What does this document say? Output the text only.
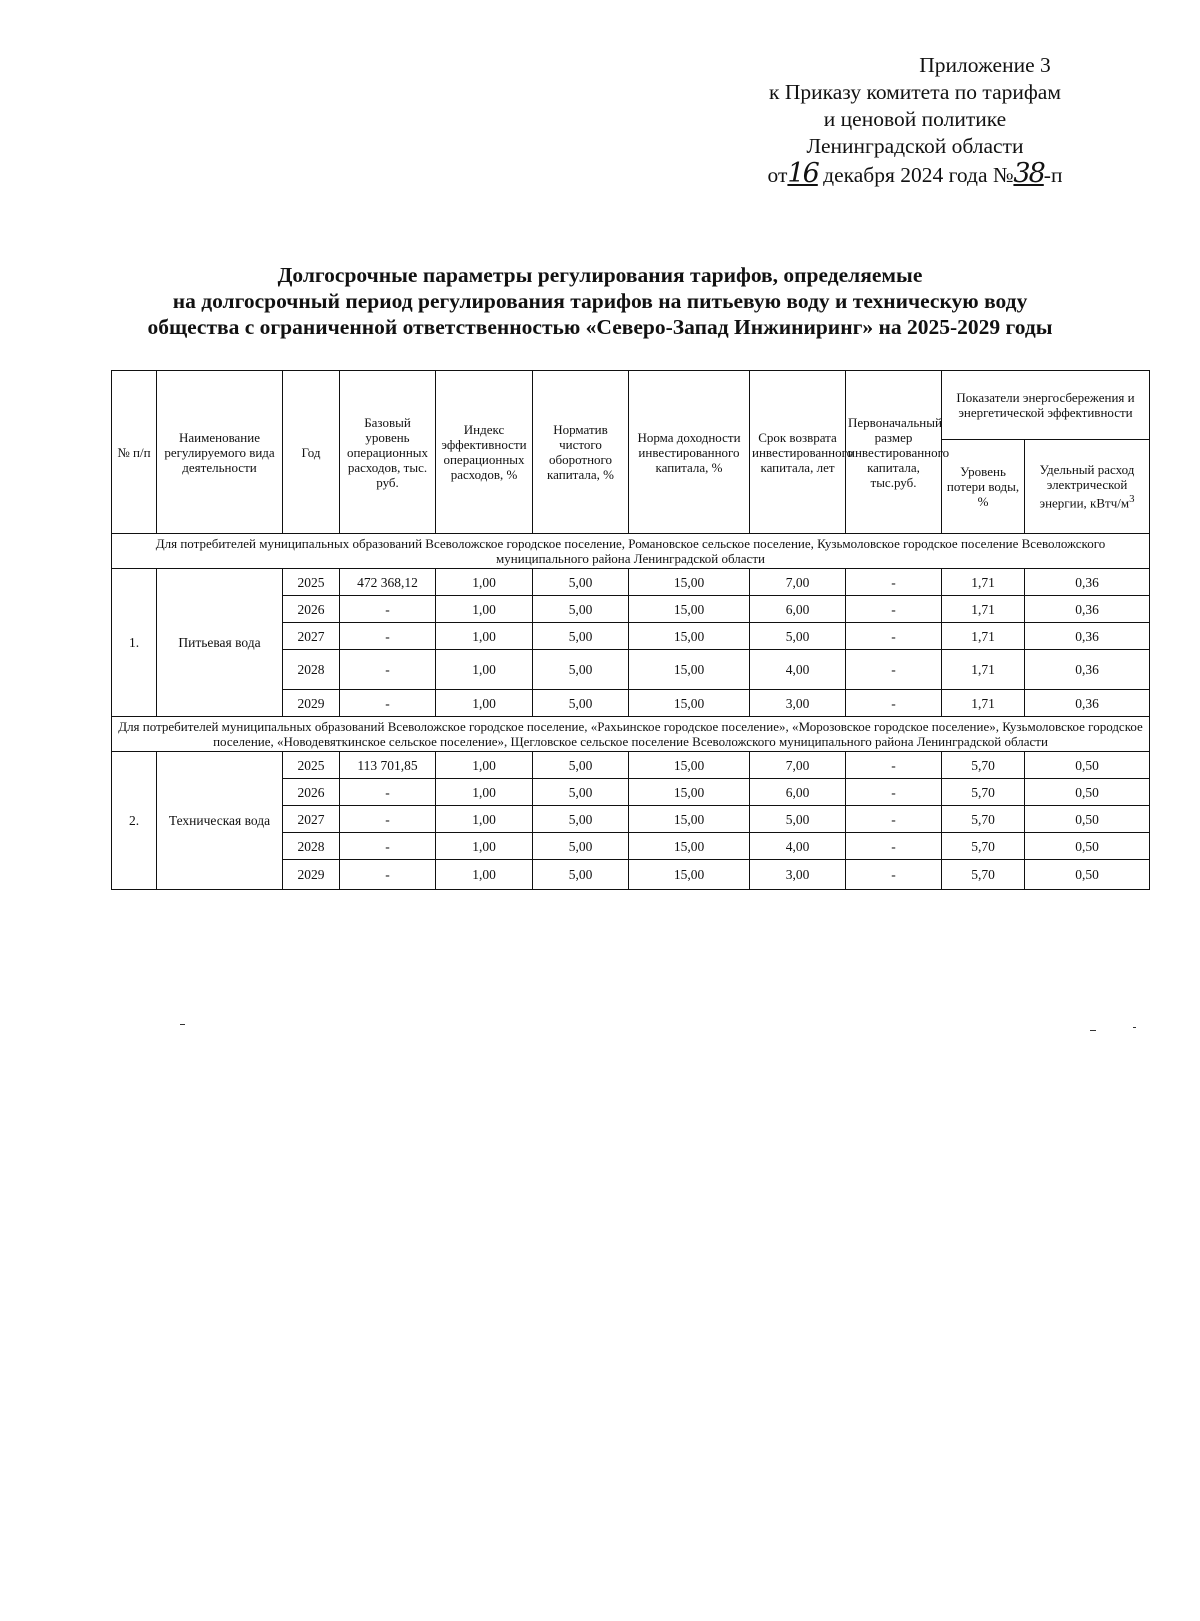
Приложение 3
к Приказу комитета по тарифам
и ценовой политике
Ленинградской области
от16 декабря 2024 года №38-п
Долгосрочные параметры регулирования тарифов, определяемые
на долгосрочный период регулирования тарифов на питьевую воду и техническую воду
общества с ограниченной ответственностью «Северо-Запад Инжиниринг» на 2025-2029 годы
№ п/п	Наименование регулируемого вида деятельности	Год	Базовый уровень операционных расходов, тыс. руб.	Индекс эффективности операционных расходов, %	Норматив чистого оборотного капитала, %	Норма доходности инвестированного капитала, %	Срок возврата инвестированного капитала, лет	Первоначальный размер инвестированного капитала, тыс.руб.	Показатели энергосбережения и энергетической эффективности	
									Уровень потери воды, %	Удельный расход электрической энергии, кВтч/$м^3$
Для потребителей муниципальных образований Всеволожское городское поселение, Романовское сельское поселение, Кузьмоловское городское поселение Всеволожского муниципального района Ленинградской области										
1.	Питьевая вода	2025	472 368,12	1,00	5,00	15,00	7,00	-	1,71	0,36
		2026	-	1,00	5,00	15,00	6,00	-	1,71	0,36
		2027	-	1,00	5,00	15,00	5,00	-	1,71	0,36
		2028	-	1,00	5,00	15,00	4,00	-	1,71	0,36
		2029	-	1,00	5,00	15,00	3,00	-	1,71	0,36
Для потребителей муниципальных образований Всеволожское городское поселение, «Рахьинское городское поселение», «Морозовское городское поселение», Кузьмоловское городское поселение, «Новодевяткинское сельское поселение», Щегловское сельское поселение Всеволожского муниципального района Ленинградской области										
2.	Техническая вода	2025	113 701,85	1,00	5,00	15,00	7,00	-	5,70	0,50
		2026	-	1,00	5,00	15,00	6,00	-	5,70	0,50
		2027	-	1,00	5,00	15,00	5,00	-	5,70	0,50
		2028	-	1,00	5,00	15,00	4,00	-	5,70	0,50
		2029	-	1,00	5,00	15,00	3,00	-	5,70	0,50
